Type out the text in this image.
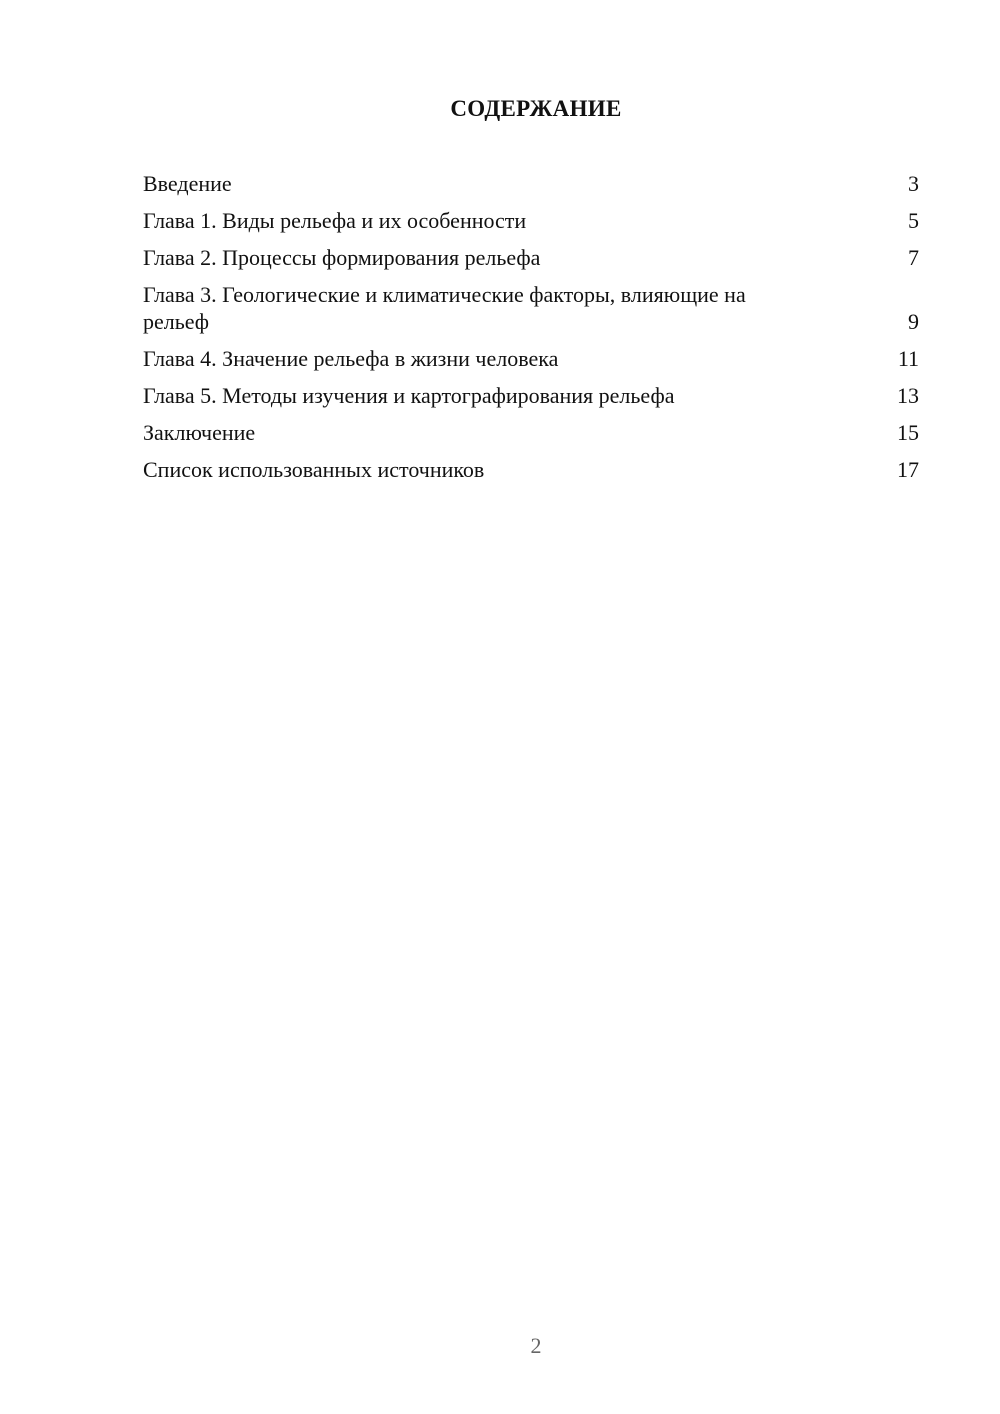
СОДЕРЖАНИЕ
Введение	3
Глава 1. Виды рельефа и их особенности	5
Глава 2. Процессы формирования рельефа	7
Глава 3. Геологические и климатические факторы, влияющие на рельеф	9
Глава 4. Значение рельефа в жизни человека	11
Глава 5. Методы изучения и картографирования рельефа	13
Заключение	15
Список использованных источников	17
2
